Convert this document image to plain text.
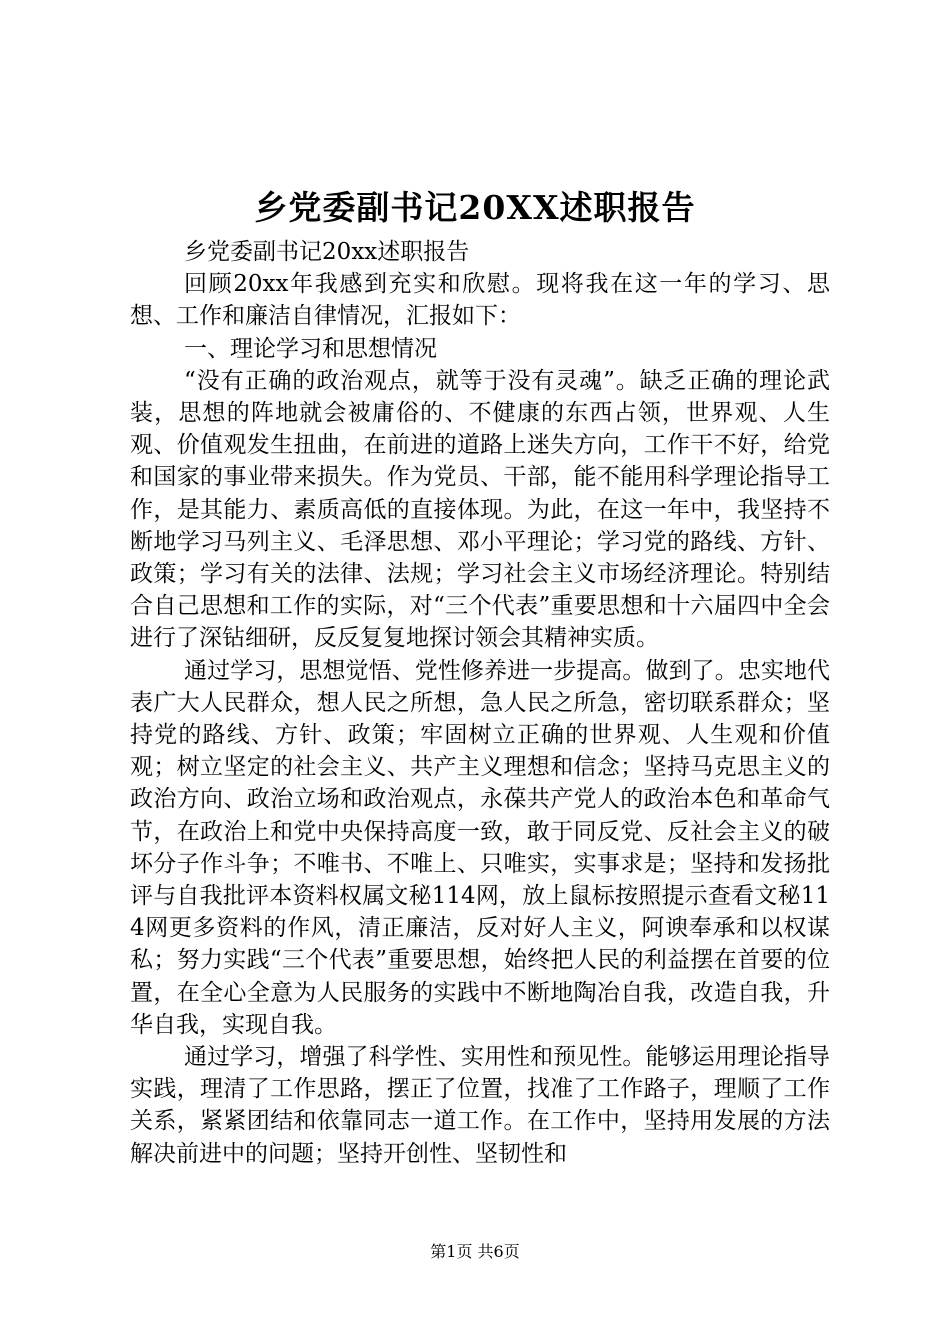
乡党委副书记20XX述职报告

乡党委副书记20xx述职报告

回顾20xx年我感到充实和欣慰。现将我在这一年的学习、思想、工作和廉洁自律情况，汇报如下：

一、理论学习和思想情况

“没有正确的政治观点，就等于没有灵魂”。缺乏正确的理论武装，思想的阵地就会被庸俗的、不健康的东西占领，世界观、人生观、价值观发生扭曲，在前进的道路上迷失方向，工作干不好，给党和国家的事业带来损失。作为党员、干部，能不能用科学理论指导工作，是其能力、素质高低的直接体现。为此，在这一年中，我坚持不断地学习马列主义、毛泽思想、邓小平理论；学习党的路线、方针、政策；学习有关的法律、法规；学习社会主义市场经济理论。特别结合自己思想和工作的实际，对“三个代表”重要思想和十六届四中全会进行了深钻细研，反反复复地探讨领会其精神实质。

通过学习，思想觉悟、党性修养进一步提高。做到了。忠实地代表广大人民群众，想人民之所想，急人民之所急，密切联系群众；坚持党的路线、方针、政策；牢固树立正确的世界观、人生观和价值观；树立坚定的社会主义、共产主义理想和信念；坚持马克思主义的政治方向、政治立场和政治观点，永葆共产党人的政治本色和革命气节，在政治上和党中央保持高度一致，敢于同反党、反社会主义的破坏分子作斗争；不唯书、不唯上、只唯实，实事求是；坚持和发扬批评与自我批评本资料权属文秘114网，放上鼠标按照提示查看文秘114网更多资料的作风，清正廉洁，反对好人主义，阿谀奉承和以权谋私；努力实践“三个代表”重要思想，始终把人民的利益摆在首要的位置，在全心全意为人民服务的实践中不断地陶冶自我，改造自我，升华自我，实现自我。

通过学习，增强了科学性、实用性和预见性。能够运用理论指导实践，理清了工作思路，摆正了位置，找准了工作路子，理顺了工作关系，紧紧团结和依靠同志一道工作。在工作中，坚持用发展的方法解决前进中的问题；坚持开创性、坚韧性和

第1页 共6页
